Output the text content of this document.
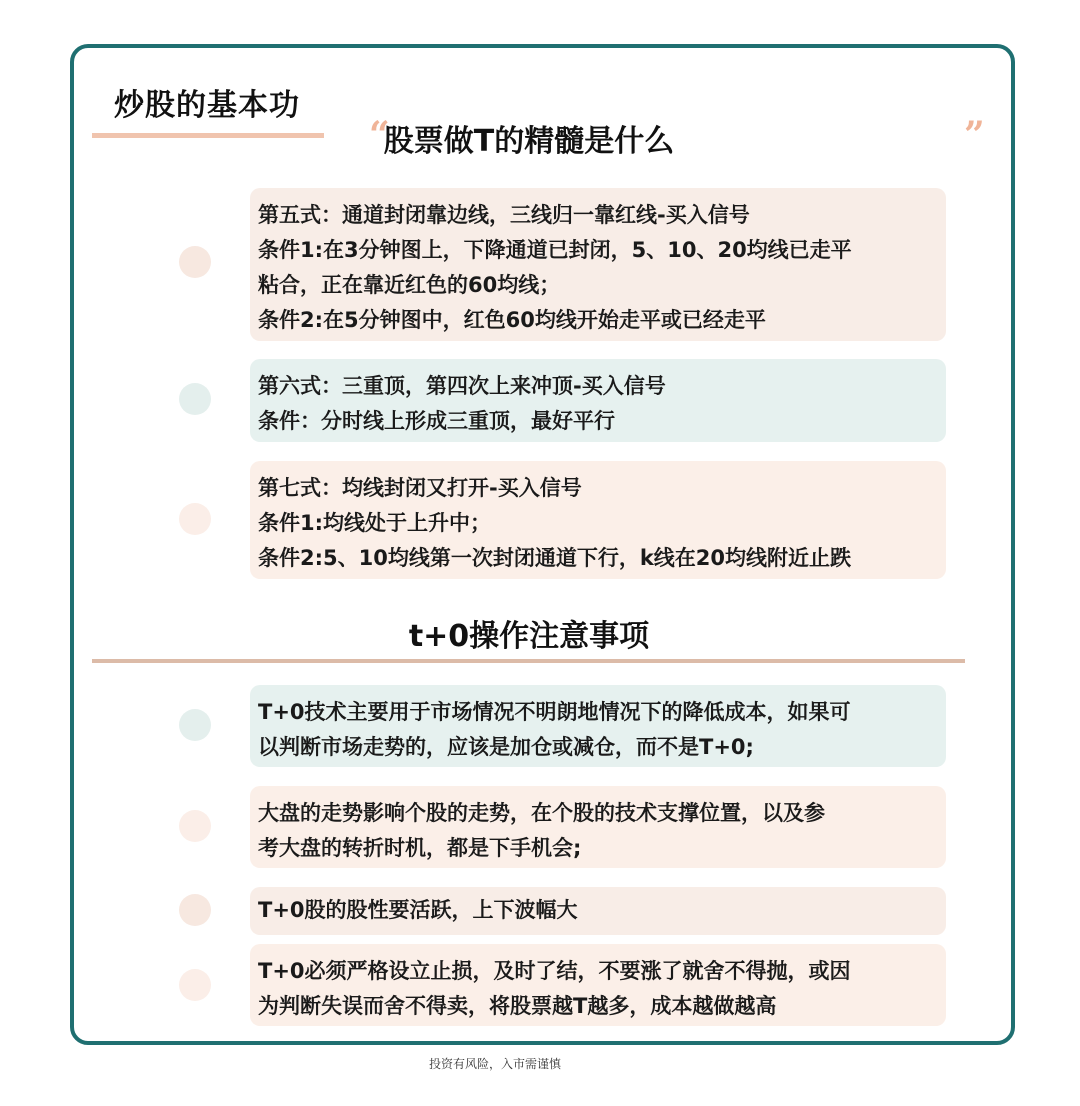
炒股的基本功
“
股票做T的精髓是什么	”
第五式：通道封闭靠边线，三线归一靠红线-买入信号
条件1:在3分钟图上，下降通道已封闭，5、10、20均线已走平
粘合，正在靠近红色的60均线；
条件2:在5分钟图中，红色60均线开始走平或已经走平
第六式：三重顶，第四次上来冲顶-买入信号
条件：分时线上形成三重顶，最好平行
第七式：均线封闭又打开-买入信号
条件1:均线处于上升中；
条件2:5、10均线第一次封闭通道下行，k线在20均线附近止跌
t+0操作注意事项
T+0技术主要用于市场情况不明朗地情况下的降低成本，如果可
以判断市场走势的，应该是加仓或减仓，而不是T+0;
大盘的走势影响个股的走势，在个股的技术支撑位置，以及参
考大盘的转折时机，都是下手机会;
T+0股的股性要活跃，上下波幅大
T+0必须严格设立止损，及时了结，不要涨了就舍不得抛，或因
为判断失误而舍不得卖，将股票越T越多，成本越做越高
投资有风险，入市需谨慎
